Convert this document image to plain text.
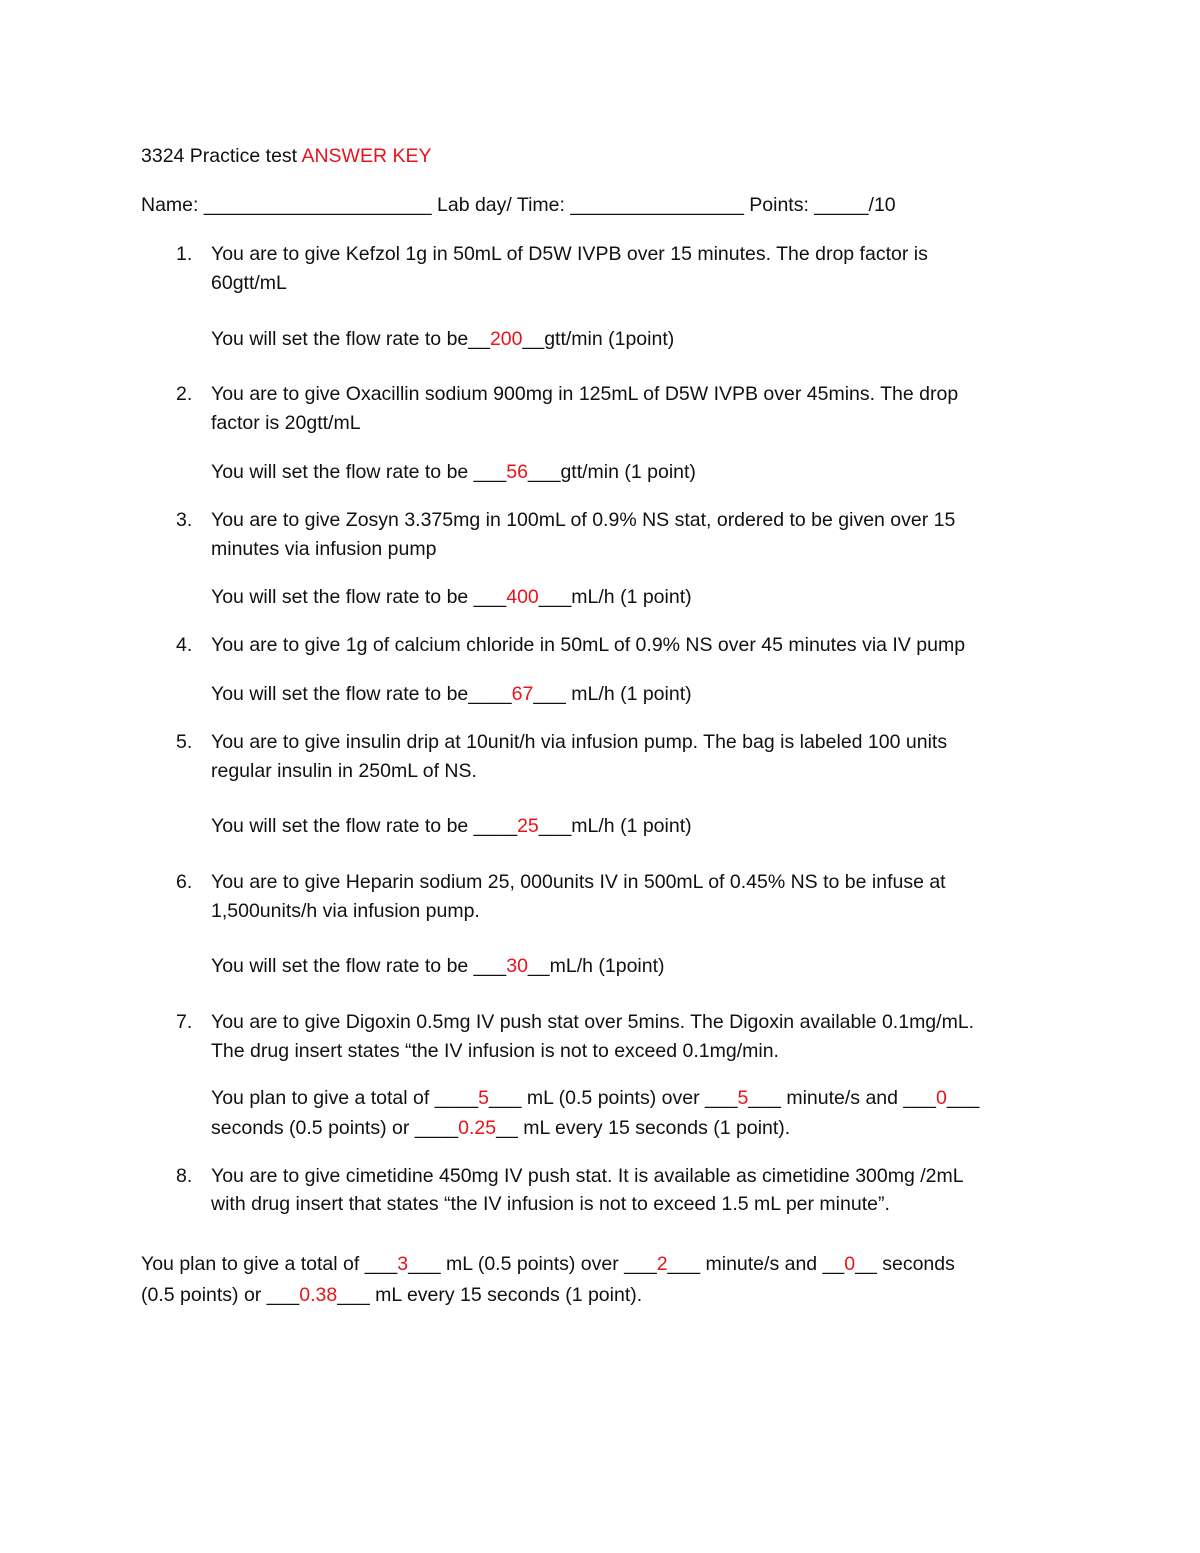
3324 Practice test ANSWER KEY
Name: _____________________ Lab day/ Time: ________________ Points: _____/10
1. You are to give Kefzol 1g in 50mL of D5W IVPB over 15 minutes. The drop factor is
60gtt/mL
You will set the flow rate to be__200__gtt/min (1point)
2. You are to give Oxacillin sodium 900mg in 125mL of D5W IVPB over 45mins. The drop
factor is 20gtt/mL
You will set the flow rate to be ___56___gtt/min (1 point)
3. You are to give Zosyn 3.375mg in 100mL of 0.9% NS stat, ordered to be given over 15
minutes via infusion pump
You will set the flow rate to be ___400___mL/h (1 point)
4. You are to give 1g of calcium chloride in 50mL of 0.9% NS over 45 minutes via IV pump
You will set the flow rate to be____67___ mL/h (1 point)
5. You are to give insulin drip at 10unit/h via infusion pump. The bag is labeled 100 units
regular insulin in 250mL of NS.
You will set the flow rate to be ____25___mL/h (1 point)
6. You are to give Heparin sodium 25, 000units IV in 500mL of 0.45% NS to be infuse at
1,500units/h via infusion pump.
You will set the flow rate to be ___30__mL/h (1point)
7. You are to give Digoxin 0.5mg IV push stat over 5mins. The Digoxin available 0.1mg/mL.
The drug insert states “the IV infusion is not to exceed 0.1mg/min.
You plan to give a total of ____5___ mL (0.5 points) over ___5___ minute/s and ___0___
seconds (0.5 points) or ____0.25__ mL every 15 seconds (1 point).
8. You are to give cimetidine 450mg IV push stat. It is available as cimetidine 300mg /2mL
with drug insert that states “the IV infusion is not to exceed 1.5 mL per minute”.
You plan to give a total of ___3___ mL (0.5 points) over ___2___ minute/s and __0__ seconds
(0.5 points) or ___0.38___ mL every 15 seconds (1 point).
